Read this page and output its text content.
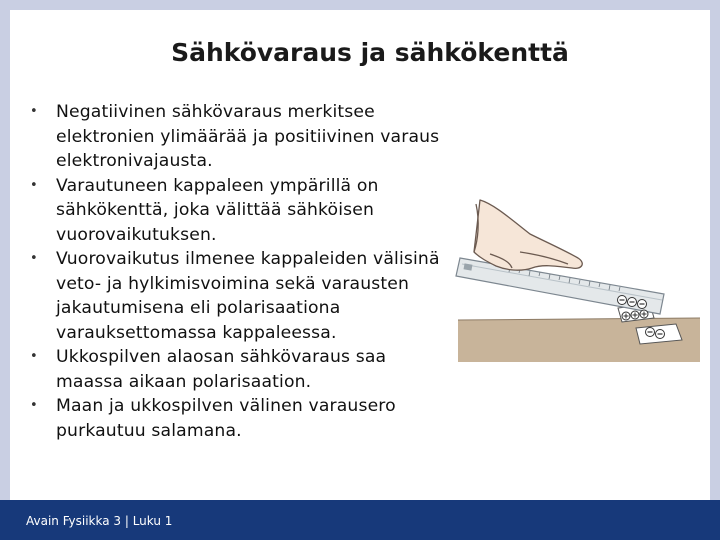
Sähkövaraus ja sähkökenttä
• Negatiivinen sähkövaraus merkitsee elektronien ylimäärää ja positiivinen varaus elektronivajausta.
• Varautuneen kappaleen ympärillä on sähkökenttä, joka välittää sähköisen vuorovaikutuksen.
• Vuorovaikutus ilmenee kappaleiden välisinä veto- ja hylkimisvoimina sekä varausten jakautumisena eli polarisaationa varauksettomassa kappaleessa.
• Ukkospilven alaosan sähkövaraus saa maassa aikaan polarisaation.
• Maan ja ukkospilven välinen varausero purkautuu salamana.
Avain Fysiikka 3 | Luku 1
